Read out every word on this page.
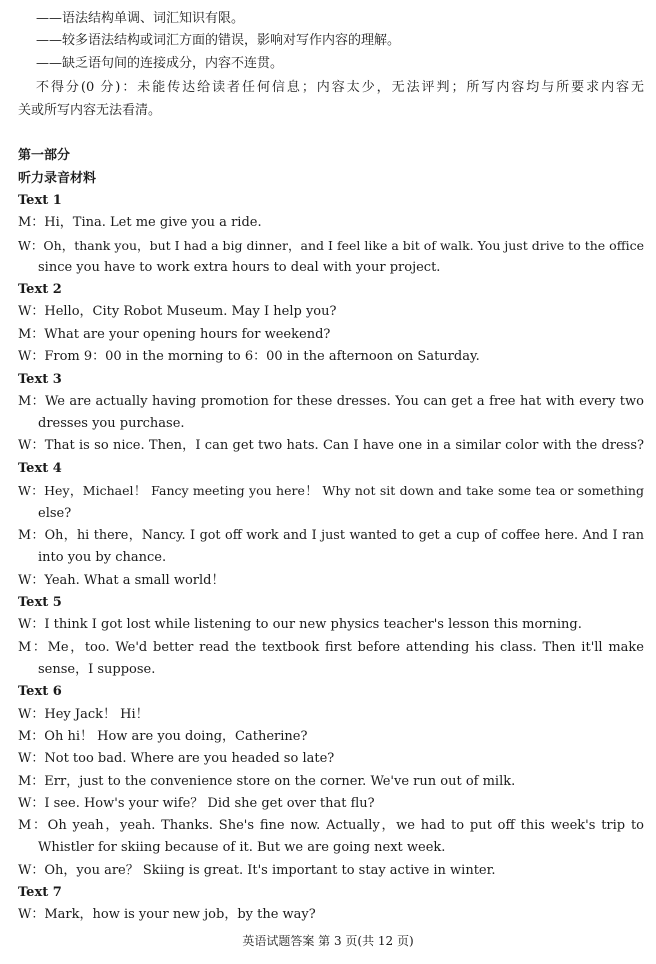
——语法结构单调、词汇知识有限。
——较多语法结构或词汇方面的错误，影响对写作内容的理解。
——缺乏语句间的连接成分，内容不连贯。
不得分(0 分)：未能传达给读者任何信息；内容太少，无法评判；所写内容均与所要求内容无
关或所写内容无法看清。
第一部分
听力录音材料
Text 1
M：Hi，Tina. Let me give you a ride.
W：Oh，thank you，but I had a big dinner，and I feel like a bit of walk. You just drive to the office
since you have to work extra hours to deal with your project.
Text 2
W：Hello，City Robot Museum. May I help you?
M：What are your opening hours for weekend?
W：From 9：00 in the morning to 6：00 in the afternoon on Saturday.
Text 3
M：We are actually having promotion for these dresses. You can get a free hat with every two
dresses you purchase.
W：That is so nice. Then，I can get two hats. Can I have one in a similar color with the dress?
Text 4
W：Hey，Michael！ Fancy meeting you here！ Why not sit down and take some tea or something
else?
M：Oh，hi there，Nancy. I got off work and I just wanted to get a cup of coffee here. And I ran
into you by chance.
W：Yeah. What a small world！
Text 5
W：I think I got lost while listening to our new physics teacher's lesson this morning.
M：Me，too. We'd better read the textbook first before attending his class. Then it'll make
sense，I suppose.
Text 6
W：Hey Jack！ Hi！
M：Oh hi！ How are you doing，Catherine?
W：Not too bad. Where are you headed so late?
M：Err，just to the convenience store on the corner. We've run out of milk.
W：I see. How's your wife？ Did she get over that flu?
M：Oh yeah，yeah. Thanks. She's fine now. Actually，we had to put off this week's trip to
Whistler for skiing because of it. But we are going next week.
W：Oh，you are？ Skiing is great. It's important to stay active in winter.
Text 7
W：Mark，how is your new job，by the way?
英语试题答案 第 3 页(共 12 页)
